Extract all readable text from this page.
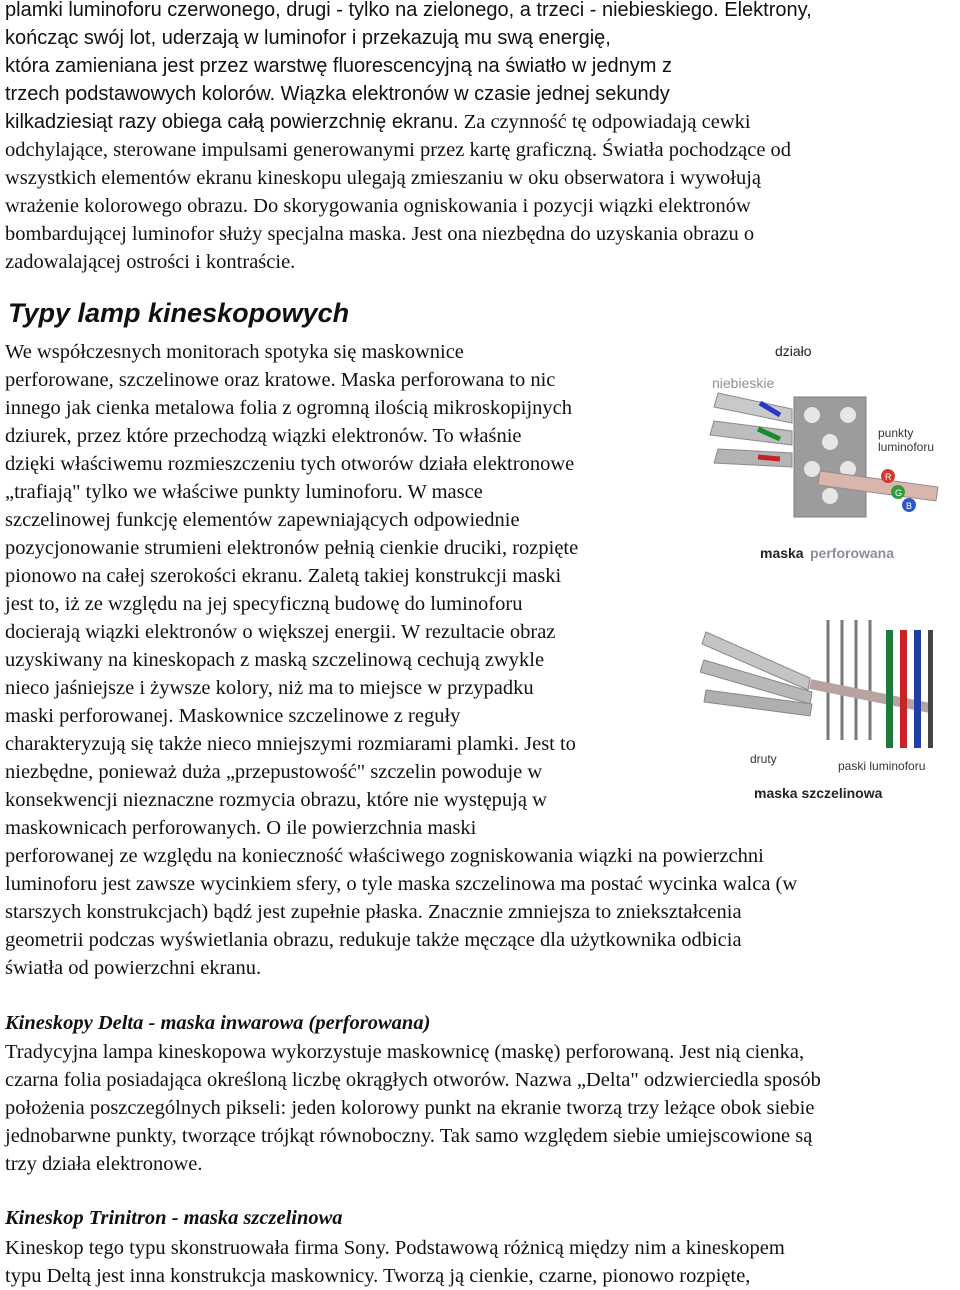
plamki luminoforu czerwonego, drugi - tylko na zielonego, a trzeci - niebieskiego. Elektrony,
kończąc swój lot, uderzają w luminofor i przekazują mu swą energię,
która zamieniana jest przez warstwę fluorescencyjną na światło w jednym z
trzech podstawowych kolorów. Wiązka elektronów w czasie jednej sekundy
kilkadziesiąt razy obiega całą powierzchnię ekranu. Za czynność tę odpowiadają cewki
odchylające, sterowane impulsami generowanymi przez kartę graficzną. Światła pochodzące od
wszystkich elementów ekranu kineskopu ulegają zmieszaniu w oku obserwatora i wywołują
wrażenie kolorowego obrazu. Do skorygowania ogniskowania i pozycji wiązki elektronów
bombardującej luminofor służy specjalna maska. Jest ona niezbędna do uzyskania obrazu o
zadowalającej ostrości i kontraście.
Typy lamp kineskopowych
We współczesnych monitorach spotyka się maskownice
perforowane, szczelinowe oraz kratowe. Maska perforowana to nic
innego jak cienka metalowa folia z ogromną ilością mikroskopijnych
dziurek, przez które przechodzą wiązki elektronów. To właśnie
dzięki właściwemu rozmieszczeniu tych otworów działa elektronowe
„trafiają" tylko we właściwe punkty luminoforu. W masce
szczelinowej funkcję elementów zapewniających odpowiednie
pozycjonowanie strumieni elektronów pełnią cienkie druciki, rozpięte
pionowo na całej szerokości ekranu. Zaletą takiej konstrukcji maski
jest to, iż ze względu na jej specyficzną budowę do luminoforu
docierają wiązki elektronów o większej energii. W rezultacie obraz
uzyskiwany na kineskopach z maską szczelinową cechują zwykle
nieco jaśniejsze i żywsze kolory, niż ma to miejsce w przypadku
maski perforowanej. Maskownice szczelinowe z reguły
charakteryzują się także nieco mniejszymi rozmiarami plamki. Jest to
niezbędne, ponieważ duża „przepustowość" szczelin powoduje w
konsekwencji nieznaczne rozmycia obrazu, które nie występują w
maskownicach perforowanych. O ile powierzchnia maski
perforowanej ze względu na konieczność właściwego zogniskowania wiązki na powierzchni
luminoforu jest zawsze wycinkiem sfery, o tyle maska szczelinowa ma postać wycinka walca (w
starszych konstrukcjach) bądź jest zupełnie płaska. Znacznie zmniejsza to zniekształcenia
geometrii podczas wyświetlania obrazu, redukuje także męczące dla użytkownika odbicia
światła od powierzchni ekranu.
działo
niebieskie
R
G
B
punkty
luminoforu
maska perforowana
druty	paski luminoforu
maska szczelinowa
Kineskopy Delta - maska inwarowa (perforowana)
Tradycyjna lampa kineskopowa wykorzystuje maskownicę (maskę) perforowaną. Jest nią cienka,
czarna folia posiadająca określoną liczbę okrągłych otworów. Nazwa „Delta" odzwierciedla sposób
położenia poszczególnych pikseli: jeden kolorowy punkt na ekranie tworzą trzy leżące obok siebie
jednobarwne punkty, tworzące trójkąt równoboczny. Tak samo względem siebie umiejscowione są
trzy działa elektronowe.
Kineskop Trinitron - maska szczelinowa
Kineskop tego typu skonstruowała firma Sony. Podstawową różnicą między nim a kineskopem
typu Deltą jest inna konstrukcja maskownicy. Tworzą ją cienkie, czarne, pionowo rozpięte,
